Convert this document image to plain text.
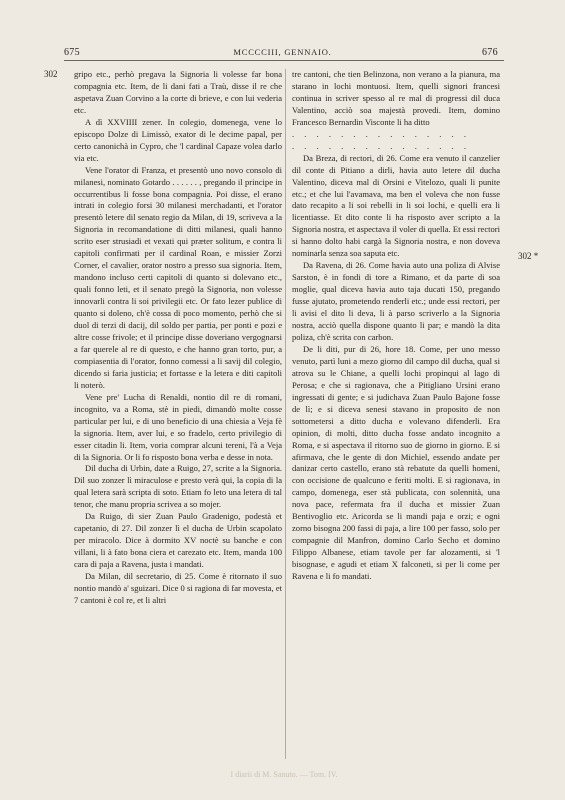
675	MCCCCIII, GENNAIO.	676
302
302 *

gripo etc., perhò pregava la Signoria li volesse far bona compagnia etc. Item, de li dani fati a Traù, disse il re che aspetava Zuan Corvino a la corte di brieve, e con lui vederia etc.

A dì XXVIIII zener. In colegio, domenega, vene lo episcopo Dolze di Limissò, exator di le decime papal, per certo canonichà in Cypro, che 'l cardinal Capaze volea darlo via etc.

Vene l'orator di Franza, et presentò uno novo consolo di milanesi, nominato Gotardo . . . . . . , pregando il principe in occurrentibus li fosse bona compagnia. Poi disse, el erano intrati in colegio forsi 30 milanesi merchadanti, et l'orator presentò letere dil senato regio da Milan, di 19, scriveva a la Signoria in recomandatione di ditti milanesi, quali hanno scrito eser strusiadi et vexati qui præter solitum, e contra li capitoli confirmati per il cardinal Roan, e missier Zorzi Corner, el cavalier, orator nostro a presso sua signoria. Item, mandono incluso certi capitoli di quanto si dolevano etc., quali fonno leti, et il senato pregò la Signoria, non volesse innovarli contra li soi privilegii etc. Or fato lezer publice di quanto si doleno, ch'è cossa di poco momento, perhò che si duol di terzi di dacij, dil soldo per partia, per ponti e pozi e altre cosse frivole; et il principe disse doveriano vergognarsi a far querele al re di questo, e che hanno gran torto, pur, a compiasentia di l'orator, fonno comessi a li savij dil colegio, dicendo si faria justicia; et fortasse e la letera e diti capitoli li noterò.

Vene pre' Lucha di Renaldi, nontio dil re di romani, incognito, va a Roma, stè in piedi, dimandò molte cosse particular per lui, e di uno beneficio di una chiesia a Veja fè la signoria. Item, aver lui, e so fradelo, certo privilegio di esser citadin li. Item, voria comprar alcuni tereni, l'à a Veja di la Signoria. Or li fo risposto bona verba e desse in nota.

Dil ducha di Urbin, date a Ruigo, 27, scrite a la Signoria. Dil suo zonzer lì miraculose e presto verà qui, la copia di la qual letera sarà scripta di soto. Etiam fo leto una letera di tal tenor, che manu propria scrivea a so mojer.

Da Ruigo, di sier Zuan Paulo Gradenigo, podestà et capetanio, di 27. Dil zonzer lì el ducha de Urbin scapolato per miracolo. Dice à dormito XV noctè su banche e con villani, li à fato bona ciera et carezato etc. Item, manda 100 cara di paja a Ravena, justa i mandati.

Da Milan, dil secretario, di 25. Come è ritornato il suo nontio mandò a' sguizari. Dice 0 si ragiona di far movesta, et 7 cantoni è col re, et li altri

tre cantoni, che tien Belinzona, non verano a la pianura, ma starano in lochi montuosi. Item, quelli signori francesi continua in scriver spesso al re mal di progressi dil duca Valentino, acciò soa majestà provedi. Item, domino Francesco Bernardin Visconte li ha ditto

. . . . . . . . . . . . . . .

. . . . . . . . . . . . . . .

Da Breza, di rectori, di 26. Come era venuto il canzelier dil conte di Pitiano a dirli, havia auto letere dil ducha Valentino, diceva mal di Orsini e Vitelozo, quali li punite etc.; et che lui l'avamava, ma ben el voleva che non fusse dato recapito a li soi rebelli in li soi lochi, e quelli era li licentiasse. Et dito conte li ha risposto aver scripto a la Signoria nostra, et aspectava il voler di quella. Et essi rectori si hanno dolto habi cargà la Signoria nostra, e non doveva nominarla senza soa saputa etc.

Da Ravena, di 26. Come havia auto una poliza di Alvise Sarston, è in fondi di tore a Rimano, et da parte di soa moglie, qual diceva havia auto taja ducati 150, pregando fusse ajutato, prometendo renderli etc.; unde essi rectori, per li avisi el dito li deva, li à parso scriverlo a la Signoria nostra, acciò quella dispone quanto li par; e mandò la dita poliza, ch'è scrita con carbon.

De li diti, pur di 26, hore 18. Come, per uno messo venuto, partì luni a mezo giorno dil campo dil ducha, qual si atrova su le Chiane, a quelli lochi propinqui al lago di Perosa; e che si ragionava, che a Pitigliano Ursini erano ingressati di gente; e si judichava Zuan Paulo Bajone fosse de lì; e si diceva senesi stavano in proposito de non sottometersi a ditto ducha e volevano difenderli. Era opinion, di molti, ditto ducha fosse andato incognito a Roma, e si aspectava il ritorno suo de giorno in giorno. E si afirmava, che le gente di don Michiel, essendo andate per danizar certo castello, erano stà rebatute da quelli homeni, con occisione de qualcuno e feriti molti. E si ragionava, in campo, domenega, eser stà publicata, con solennità, una nova pace, refermata fra il ducha et missier Zuan Bentivoglio etc. Aricorda se li mandi paja e orzi; e ogni zorno bisogna 200 fassi di paja, a lire 100 per fasso, solo per compagnie dil Manfron, domino Carlo Secho et domino Filippo Albanese, etiam tavole per far alozamenti, si 'l bisognase, e agudi et etiam X falconeti, si per li come per Ravena e li fo mandati.

I diarii di M. Sanuto. — Tom. IV.
